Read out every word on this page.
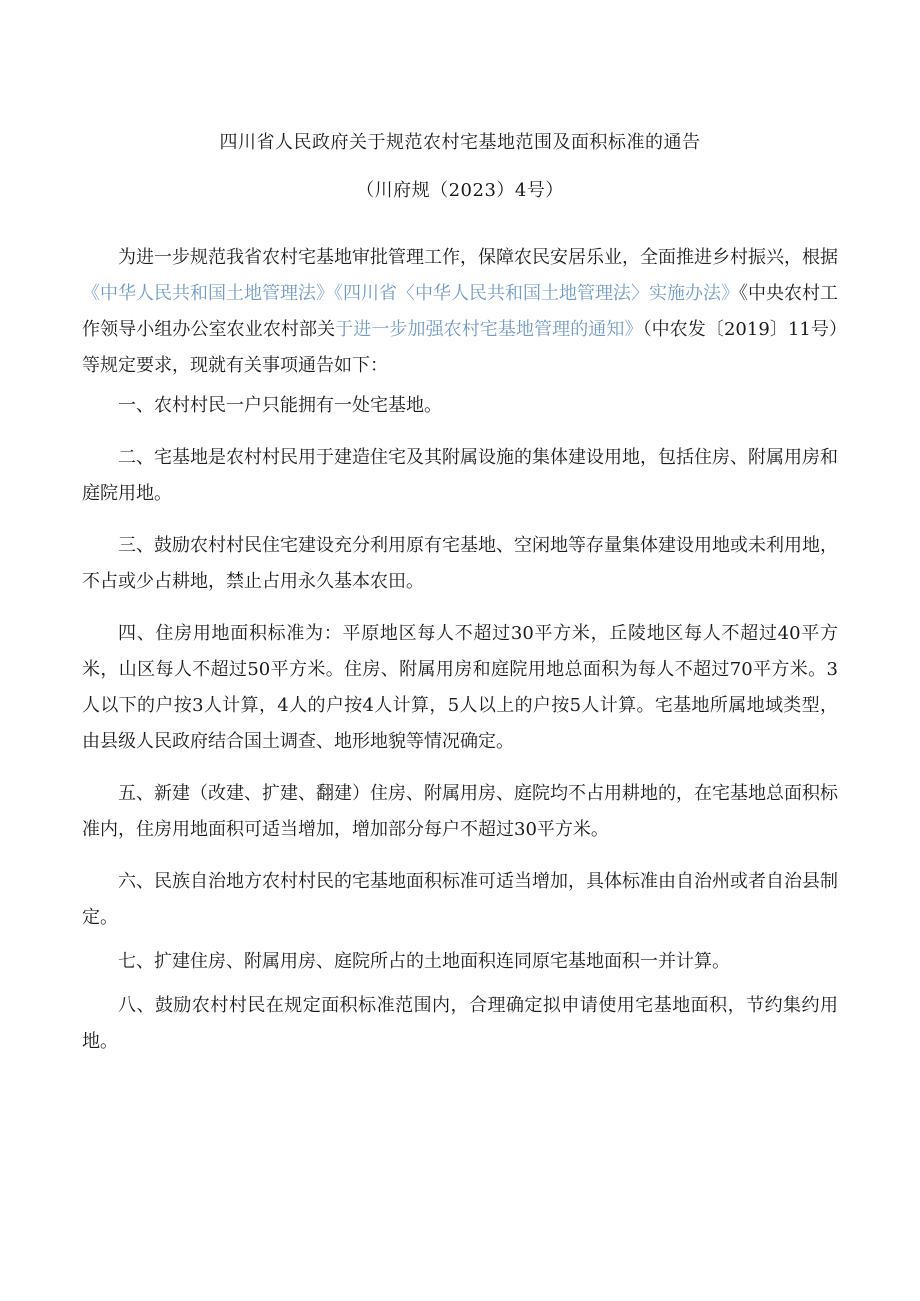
四川省人民政府关于规范农村宅基地范围及面积标准的通告
（川府规（2023）4号）

为进一步规范我省农村宅基地审批管理工作，保障农民安居乐业，全面推进乡村振兴，根据《中华人民共和国土地管理法》《四川省〈中华人民共和国土地管理法〉实施办法》《中央农村工作领导小组办公室农业农村部关于进一步加强农村宅基地管理的通知》（中农发〔2019〕11号）等规定要求，现就有关事项通告如下：

一、农村村民一户只能拥有一处宅基地。

二、宅基地是农村村民用于建造住宅及其附属设施的集体建设用地，包括住房、附属用房和庭院用地。

三、鼓励农村村民住宅建设充分利用原有宅基地、空闲地等存量集体建设用地或未利用地，不占或少占耕地，禁止占用永久基本农田。

四、住房用地面积标准为：平原地区每人不超过30平方米，丘陵地区每人不超过40平方米，山区每人不超过50平方米。住房、附属用房和庭院用地总面积为每人不超过70平方米。3人以下的户按3人计算，4人的户按4人计算，5人以上的户按5人计算。宅基地所属地域类型，由县级人民政府结合国土调查、地形地貌等情况确定。

五、新建（改建、扩建、翻建）住房、附属用房、庭院均不占用耕地的，在宅基地总面积标准内，住房用地面积可适当增加，增加部分每户不超过30平方米。

六、民族自治地方农村村民的宅基地面积标准可适当增加，具体标准由自治州或者自治县制定。

七、扩建住房、附属用房、庭院所占的土地面积连同原宅基地面积一并计算。

八、鼓励农村村民在规定面积标准范围内，合理确定拟申请使用宅基地面积，节约集约用地。
